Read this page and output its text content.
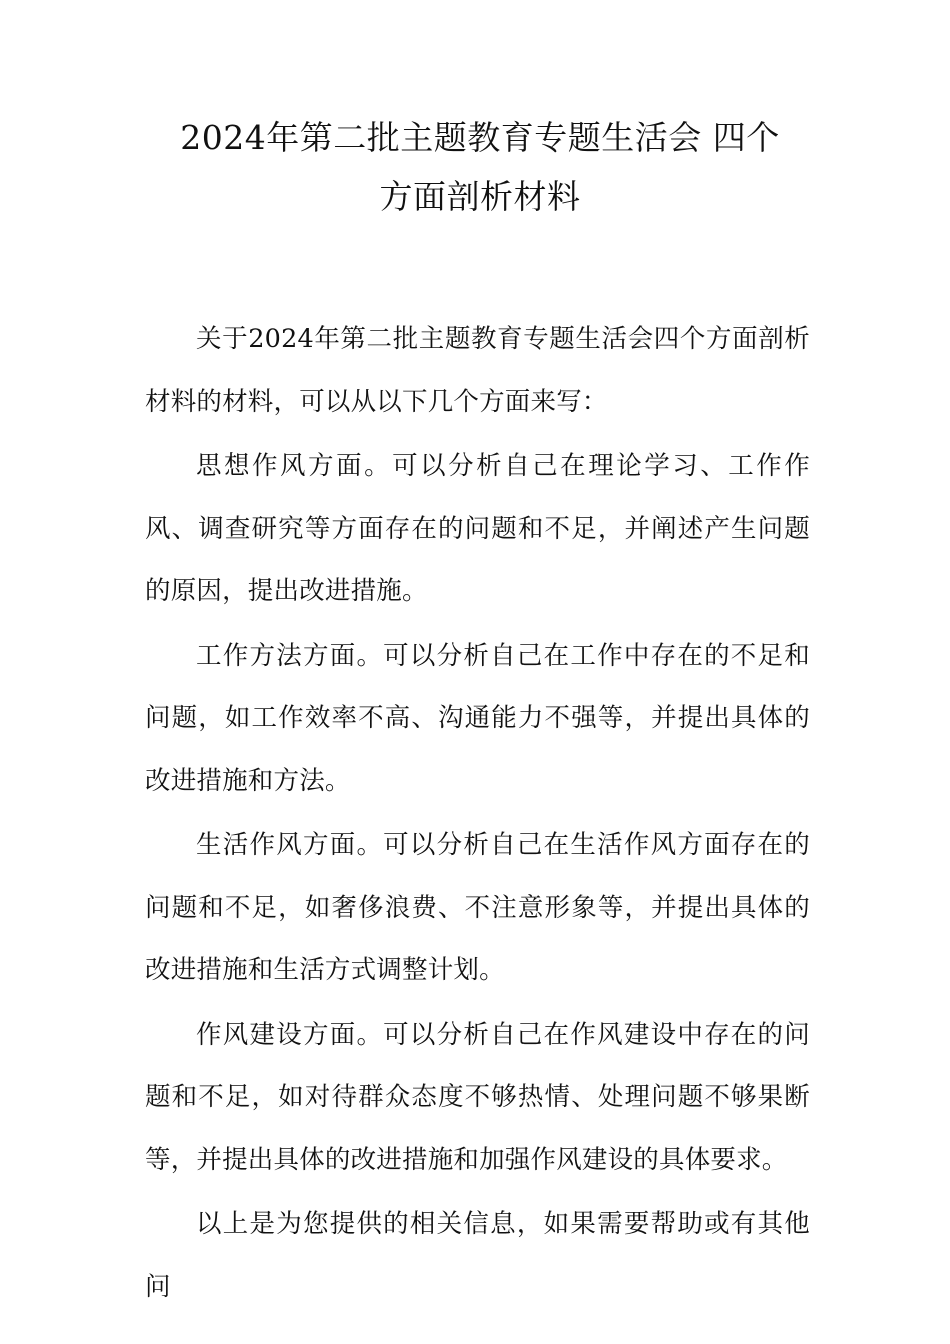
2024年第二批主题教育专题生活会 四个
方面剖析材料

关于2024年第二批主题教育专题生活会四个方面剖析材料的材料，可以从以下几个方面来写：

思想作风方面。可以分析自己在理论学习、工作作风、调查研究等方面存在的问题和不足，并阐述产生问题的原因，提出改进措施。

工作方法方面。可以分析自己在工作中存在的不足和问题，如工作效率不高、沟通能力不强等，并提出具体的改进措施和方法。

生活作风方面。可以分析自己在生活作风方面存在的问题和不足，如奢侈浪费、不注意形象等，并提出具体的改进措施和生活方式调整计划。

作风建设方面。可以分析自己在作风建设中存在的问题和不足，如对待群众态度不够热情、处理问题不够果断等，并提出具体的改进措施和加强作风建设的具体要求。

以上是为您提供的相关信息，如果需要帮助或有其他问
